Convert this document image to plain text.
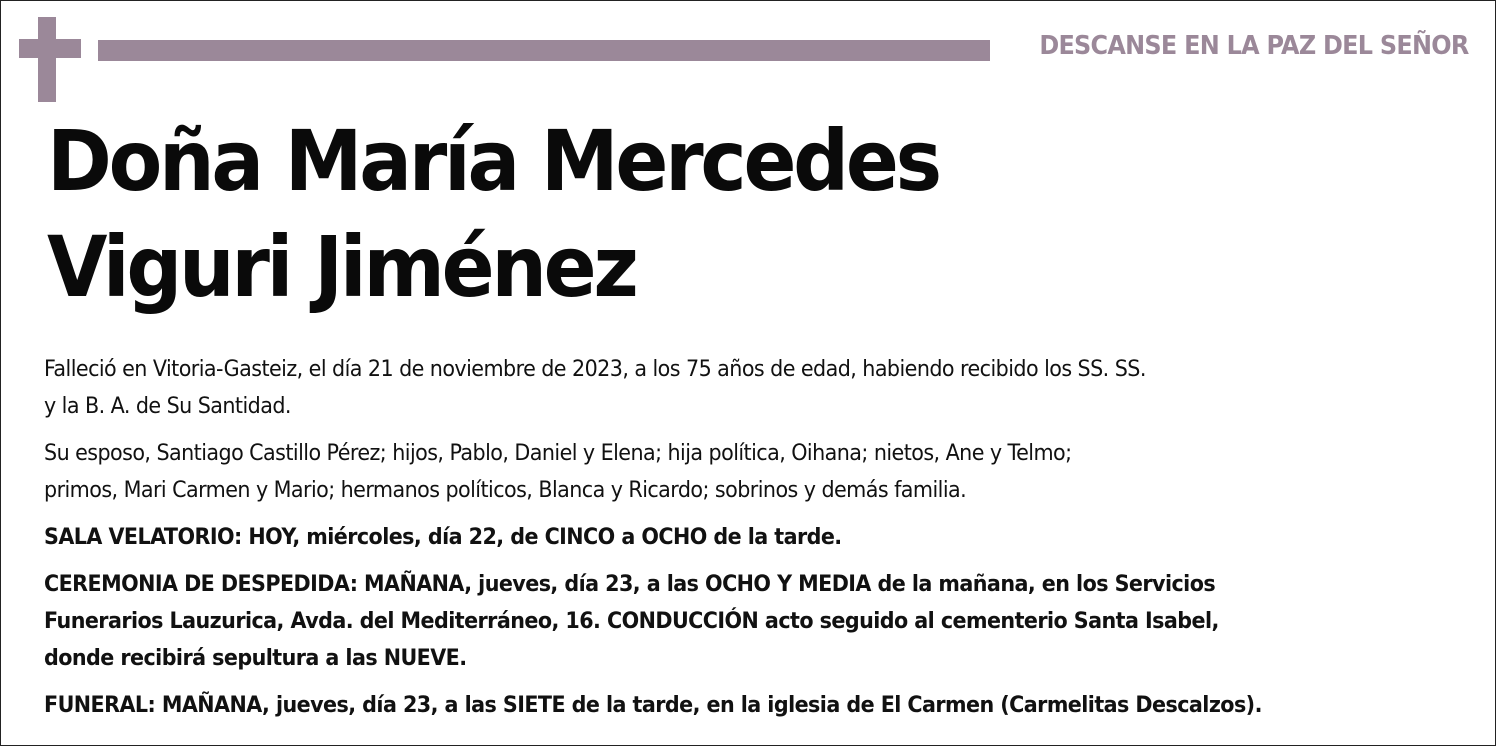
DESCANSE EN LA PAZ DEL SEÑOR
Doña María Mercedes
Viguri Jiménez

Falleció en Vitoria-Gasteiz, el día 21 de noviembre de 2023, a los 75 años de edad, habiendo recibido los SS. SS.
y la B. A. de Su Santidad.

Su esposo, Santiago Castillo Pérez; hijos, Pablo, Daniel y Elena; hija política, Oihana; nietos, Ane y Telmo;
primos, Mari Carmen y Mario; hermanos políticos, Blanca y Ricardo; sobrinos y demás familia.

SALA VELATORIO: HOY, miércoles, día 22, de CINCO a OCHO de la tarde.

CEREMONIA DE DESPEDIDA: MAÑANA, jueves, día 23, a las OCHO Y MEDIA de la mañana, en los Servicios
Funerarios Lauzurica, Avda. del Mediterráneo, 16. CONDUCCIÓN acto seguido al cementerio Santa Isabel,
donde recibirá sepultura a las NUEVE.

FUNERAL: MAÑANA, jueves, día 23, a las SIETE de la tarde, en la iglesia de El Carmen (Carmelitas Descalzos).
